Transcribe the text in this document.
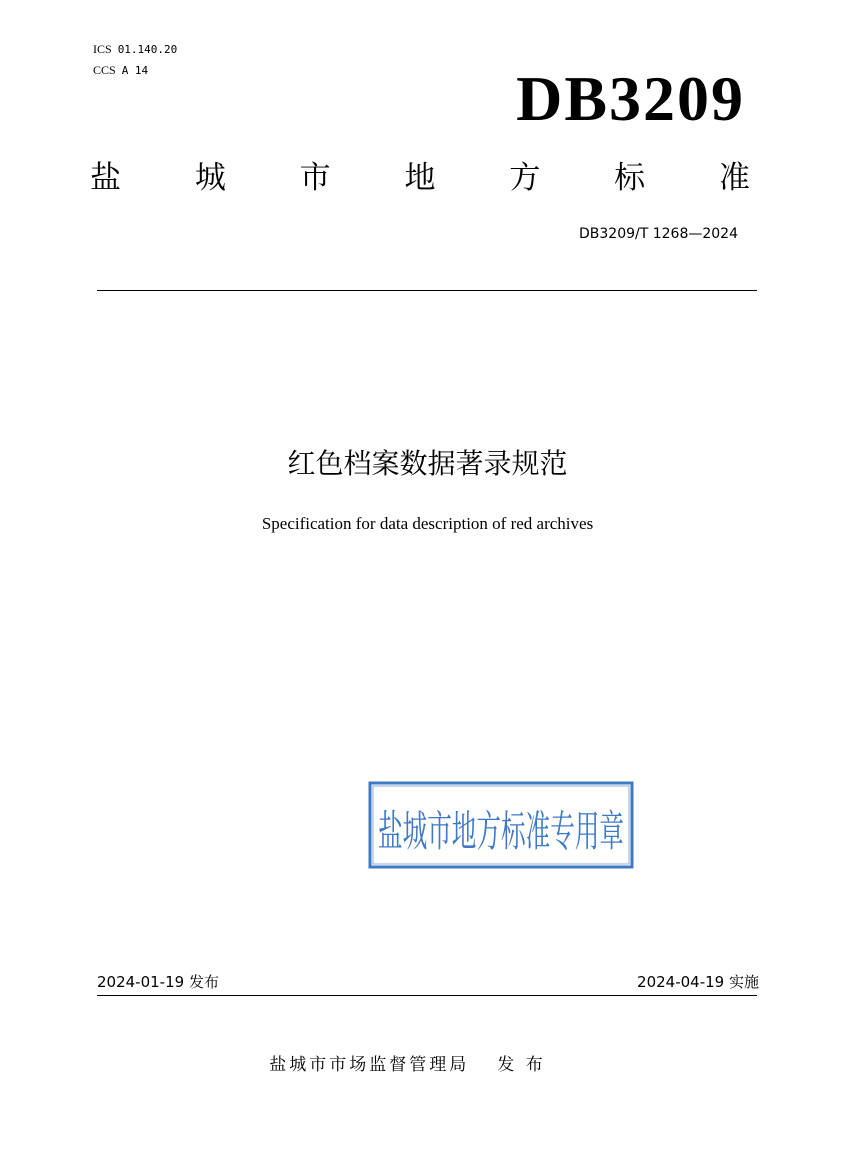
ICS 01.140.20
CCS A 14	DB3209
盐 城 市 地 方 标 准
DB3209/T 1268—2024
红色档案数据著录规范
Specification for data description of red archives
盐城市地方标准专用章
2024-01-19 发布	2024-04-19 实施
盐城市市场监督管理局 发 布
